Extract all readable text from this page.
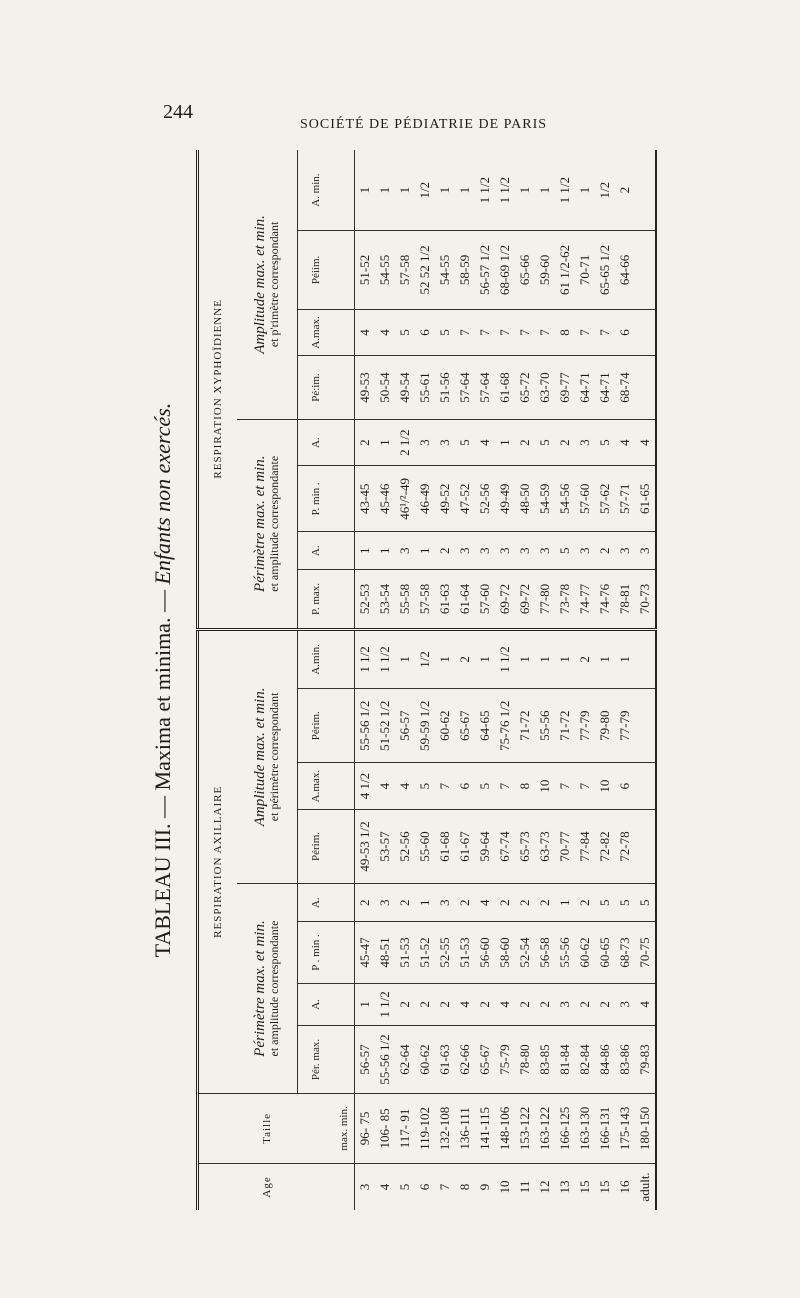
244
SOCIÉTÉ DE PÉDIATRIE DE PARIS
TABLEAU III. — Maxima et minima. — Enfants non exercés.
Age	Taille	RESPIRATION AXILLAIRE								RESPIRATION XYPHOÏDIENNE							

		Périmètre max. et min. et amplitude correspondante				Amplitude max. et min. et périmètre correspondant				Périmètre max. et min. et amplitude correspondante				Amplitude max. et min. et p'rimètre correspondant			
		Pér. max.	A.	P . min .	A.	Périm.	A.max.	Périm.	A.min.	P. max.	A.	P. min .	A.	Pé:im.	A.max.	Péiim.	A. min.
	max. min.																
3	96- 75	56-57	1	45-47	2	49-53 1/2	4 1/2	55-56 1/2	1 1/2	52-53	1	43-45	2	49-53	4	51-52	1
4	106- 85	55-56 1/2	1 1/2	48-51	3	53-57	4	51-52 1/2	1 1/2	53-54	1	45-46	1	50-54	4	54-55	1
5	117- 91	62-64	2	51-53	2	52-56	4	56-57	1	55-58	3	46¹/²-49	2 1/2	49-54	5	57-58	1
6	119-102	60-62	2	51-52	1	55-60	5	59-59 1/2	1/2	57-58	1	46-49	3	55-61	6	52 52 1/2	1/2
7	132-108	61-63	2	52-55	3	61-68	7	60-62	1	61-63	2	49-52	3	51-56	5	54-55	1
8	136-111	62-66	4	51-53	2	61-67	6	65-67	2	61-64	3	47-52	5	57-64	7	58-59	1
9	141-115	65-67	2	56-60	4	59-64	5	64-65	1	57-60	3	52-56	4	57-64	7	56-57 1/2	1 1/2
10	148-106	75-79	4	58-60	2	67-74	7	75-76 1/2	1 1/2	69-72	3	49-49	1	61-68	7	68-69 1/2	1 1/2
11	153-122	78-80	2	52-54	2	65-73	8	71-72	1	69-72	3	48-50	2	65-72	7	65-66	1
12	163-122	83-85	2	56-58	2	63-73	10	55-56	1	77-80	3	54-59	5	63-70	7	59-60	1
13	166-125	81-84	3	55-56	1	70-77	7	71-72	1	73-78	5	54-56	2	69-77	8	61 1/2-62	1 1/2
15	163-130	82-84	2	60-62	2	77-84	7	77-79	2	74-77	3	57-60	3	64-71	7	70-71	1
15	166-131	84-86	2	60-65	5	72-82	10	79-80	1	74-76	2	57-62	5	64-71	7	65-65 1/2	1/2
16	175-143	83-86	3	68-73	5	72-78	6	77-79	1	78-81	3	57-71	4	68-74	6	64-66	2
adult.	180-150	79-83	4	70-75	5					70-73	3	61-65	4				
